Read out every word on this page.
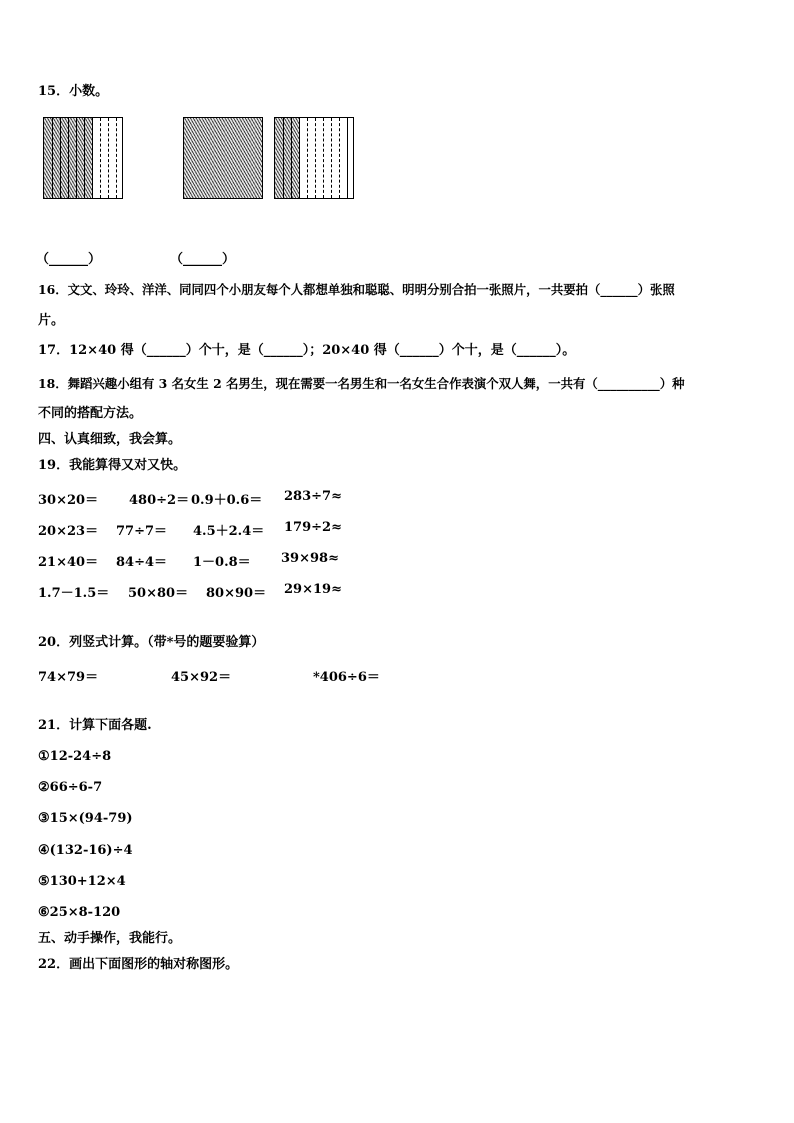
15．小数。
（______）	（______）
16．文文、玲玲、洋洋、同同四个小朋友每个人都想单独和聪聪、明明分别合拍一张照片，一共要拍（______）张照
片。
17．12×40 得（______）个十，是（______）；20×40 得（______）个十，是（______）。
18．舞蹈兴趣小组有 3 名女生 2 名男生，现在需要一名男生和一名女生合作表演个双人舞，一共有（__________）种
不同的搭配方法。
四、认真细致，我会算。
19．我能算得又对又快。
30×20＝ 480÷2＝ 0.9＋0.6＝ 283÷7≈
20×23＝ 77÷7＝ 4.5＋2.4＝ 179÷2≈
21×40＝ 84÷4＝ 1－0.8＝ 39×98≈
1.7－1.5＝ 50×80＝ 80×90＝ 29×19≈
20．列竖式计算。（带*号的题要验算）
74×79＝	45×92＝	*406÷6＝
21．计算下面各题.
①12-24÷8
②66÷6-7
③15×(94-79)
④(132-16)÷4
⑤130+12×4
⑥25×8-120
五、动手操作，我能行。
22．画出下面图形的轴对称图形。
